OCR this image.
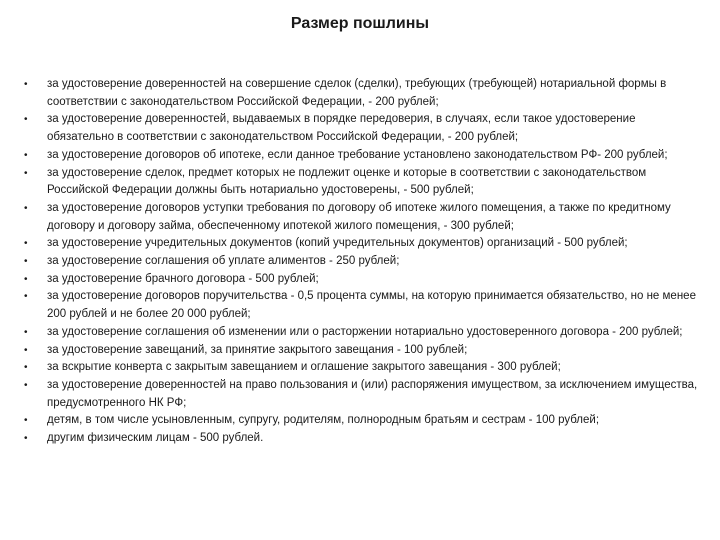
Размер пошлины
• за удостоверение доверенностей на совершение сделок (сделки), требующих (требующей) нотариальной формы в соответствии с законодательством Российской Федерации, - 200 рублей;
• за удостоверение доверенностей, выдаваемых в порядке передоверия, в случаях, если такое удостоверение обязательно в соответствии с законодательством Российской Федерации, - 200 рублей;
• за удостоверение договоров об ипотеке, если данное требование установлено законодательством РФ- 200 рублей;
• за удостоверение сделок, предмет которых не подлежит оценке и которые в соответствии с законодательством Российской Федерации должны быть нотариально удостоверены, - 500 рублей;
• за удостоверение договоров уступки требования по договору об ипотеке жилого помещения, а также по кредитному договору и договору займа, обеспеченному ипотекой жилого помещения, - 300 рублей;
• за удостоверение учредительных документов (копий учредительных документов) организаций - 500 рублей;
• за удостоверение соглашения об уплате алиментов - 250 рублей;
• за удостоверение брачного договора - 500 рублей;
• за удостоверение договоров поручительства - 0,5 процента суммы, на которую принимается обязательство, но не менее 200 рублей и не более 20 000 рублей;
• за удостоверение соглашения об изменении или о расторжении нотариально удостоверенного договора - 200 рублей;
• за удостоверение завещаний, за принятие закрытого завещания - 100 рублей;
• за вскрытие конверта с закрытым завещанием и оглашение закрытого завещания - 300 рублей;
• за удостоверение доверенностей на право пользования и (или) распоряжения имуществом, за исключением имущества, предусмотренного НК РФ;
• детям, в том числе усыновленным, супругу, родителям, полнородным братьям и сестрам - 100 рублей;
• другим физическим лицам - 500 рублей.
